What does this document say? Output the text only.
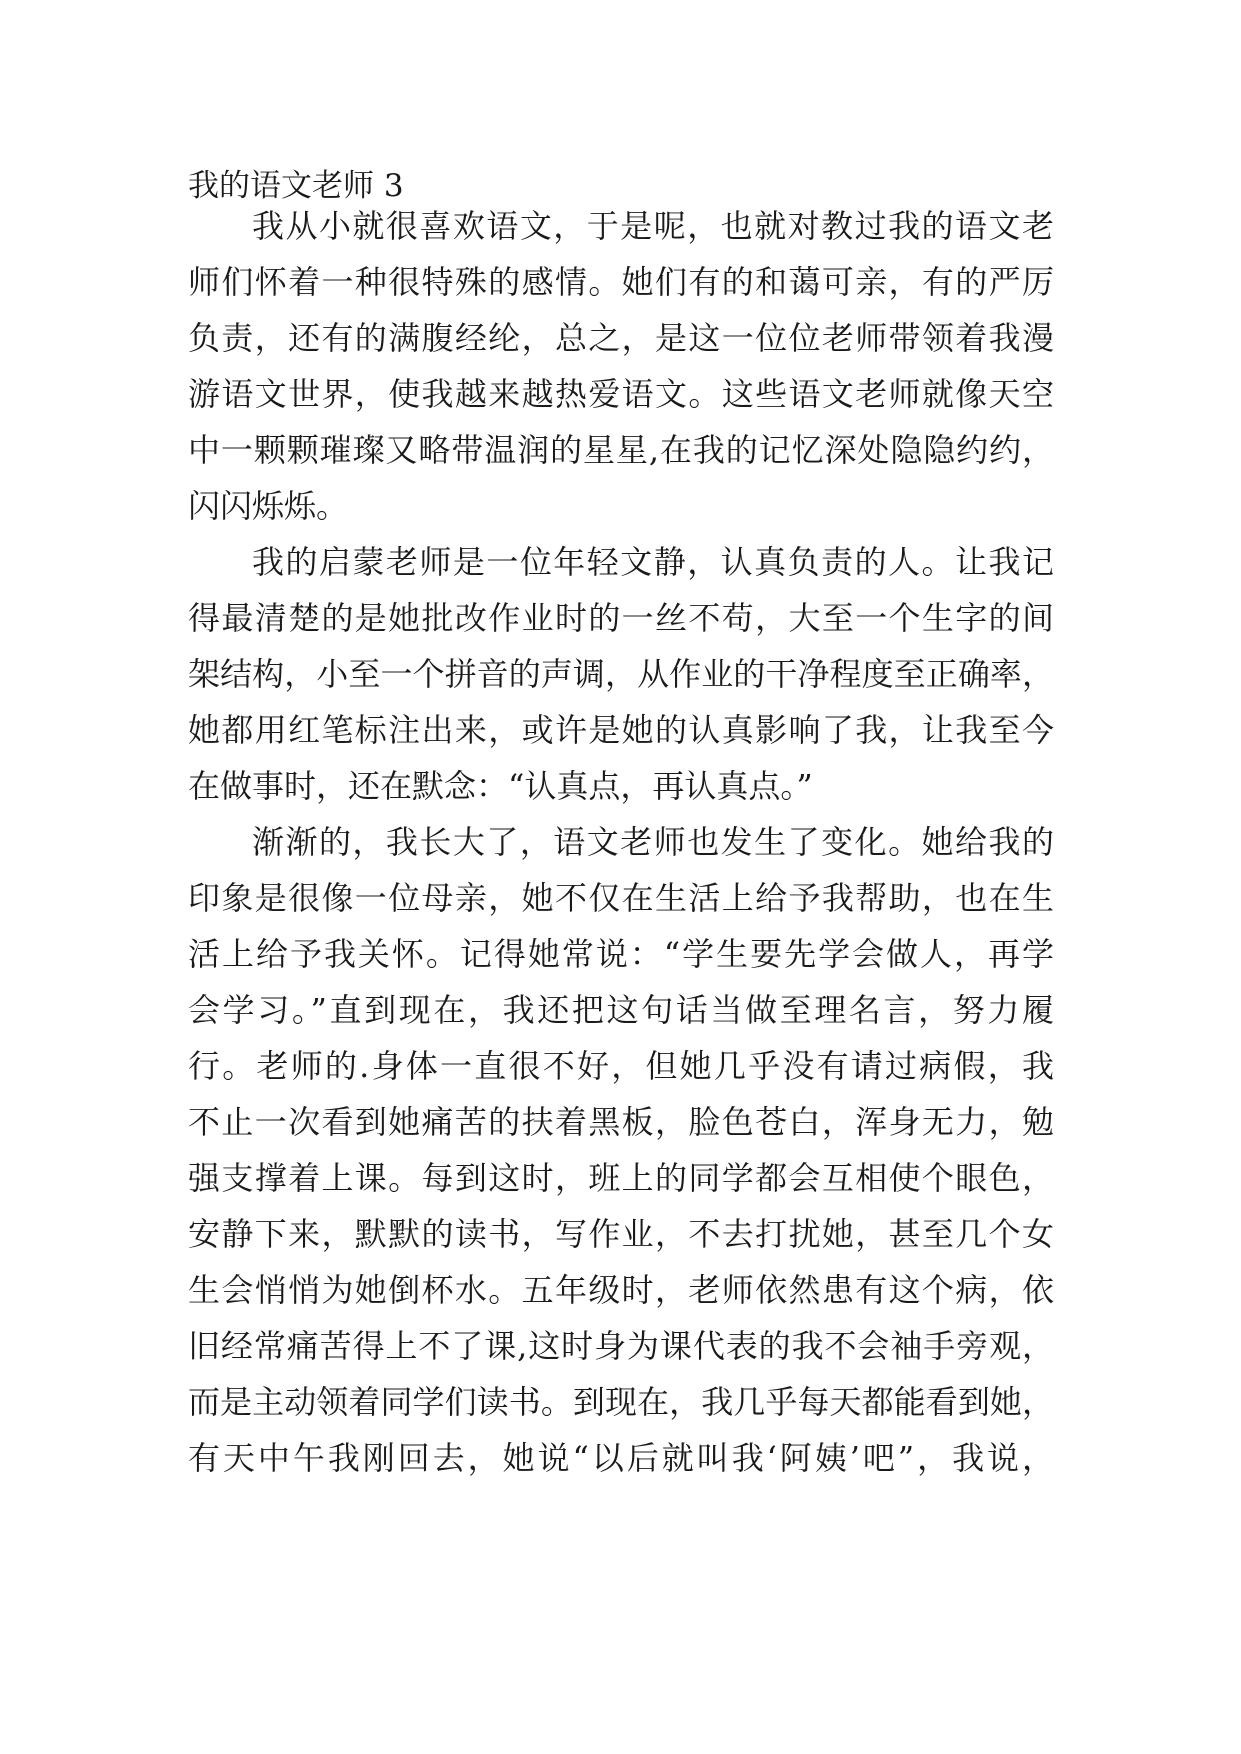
我的语文老师 3
我从小就很喜欢语文，于是呢，也就对教过我的语文老
师们怀着一种很特殊的感情。她们有的和蔼可亲，有的严厉
负责，还有的满腹经纶，总之，是这一位位老师带领着我漫
游语文世界，使我越来越热爱语文。这些语文老师就像天空
中一颗颗璀璨又略带温润的星星,在我的记忆深处隐隐约约，
闪闪烁烁。
我的启蒙老师是一位年轻文静，认真负责的人。让我记
得最清楚的是她批改作业时的一丝不苟，大至一个生字的间
架结构，小至一个拼音的声调，从作业的干净程度至正确率，
她都用红笔标注出来，或许是她的认真影响了我，让我至今
在做事时，还在默念：“认真点，再认真点。”
渐渐的，我长大了，语文老师也发生了变化。她给我的
印象是很像一位母亲，她不仅在生活上给予我帮助，也在生
活上给予我关怀。记得她常说：“学生要先学会做人，再学
会学习。”直到现在，我还把这句话当做至理名言，努力履
行。老师的.身体一直很不好，但她几乎没有请过病假，我
不止一次看到她痛苦的扶着黑板，脸色苍白，浑身无力，勉
强支撑着上课。每到这时，班上的同学都会互相使个眼色，
安静下来，默默的读书，写作业，不去打扰她，甚至几个女
生会悄悄为她倒杯水。五年级时，老师依然患有这个病，依
旧经常痛苦得上不了课,这时身为课代表的我不会袖手旁观，
而是主动领着同学们读书。到现在，我几乎每天都能看到她，
有天中午我刚回去，她说“以后就叫我‘阿姨’吧”，我说，
